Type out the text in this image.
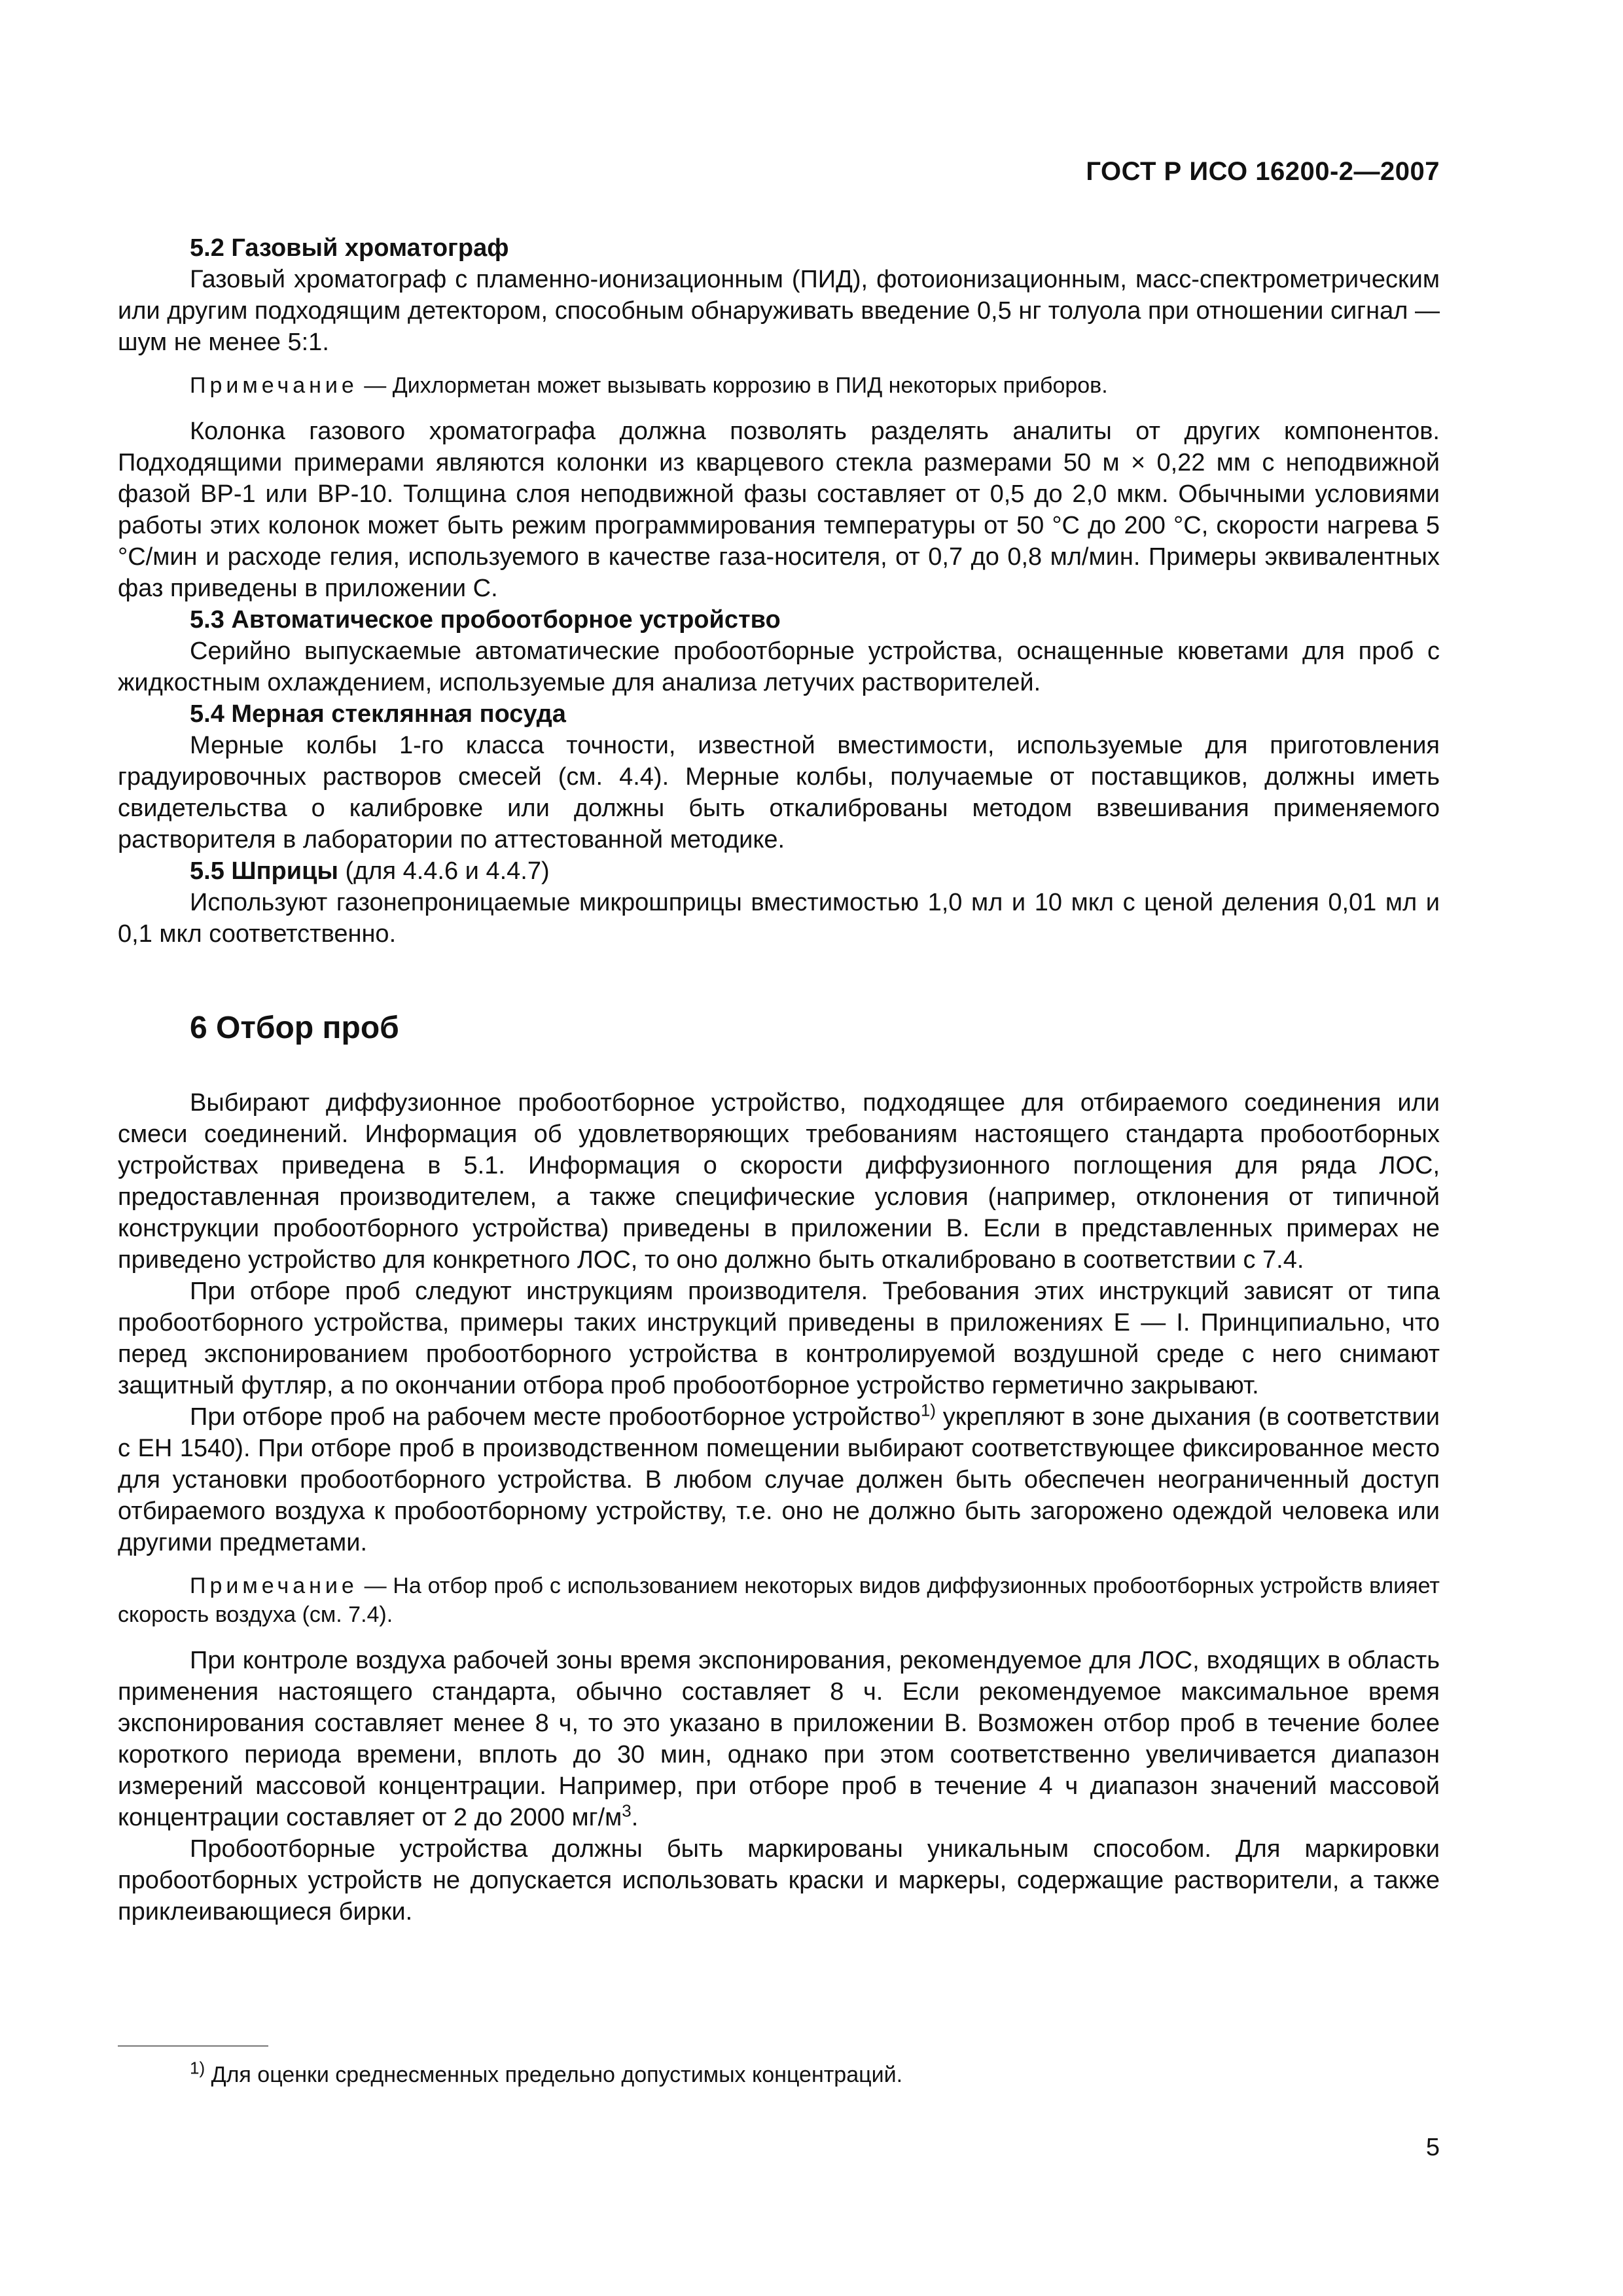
ГОСТ Р ИСО 16200-2—2007

5.2 Газовый хроматограф

Газовый хроматограф с пламенно-ионизационным (ПИД), фотоионизационным, масс-спектрометрическим или другим подходящим детектором, способным обнаруживать введение 0,5 нг толуола при отношении сигнал — шум не менее 5:1.

Примечание — Дихлорметан может вызывать коррозию в ПИД некоторых приборов.

Колонка газового хроматографа должна позволять разделять аналиты от других компонентов. Подходящими примерами являются колонки из кварцевого стекла размерами 50 м × 0,22 мм с неподвижной фазой BP-1 или BP-10. Толщина слоя неподвижной фазы составляет от 0,5 до 2,0 мкм. Обычными условиями работы этих колонок может быть режим программирования температуры от 50 °С до 200 °С, скорости нагрева 5 °С/мин и расходе гелия, используемого в качестве газа-носителя, от 0,7 до 0,8 мл/мин. Примеры эквивалентных фаз приведены в приложении С.

5.3 Автоматическое пробоотборное устройство

Серийно выпускаемые автоматические пробоотборные устройства, оснащенные кюветами для проб с жидкостным охлаждением, используемые для анализа летучих растворителей.

5.4 Мерная стеклянная посуда

Мерные колбы 1-го класса точности, известной вместимости, используемые для приготовления градуировочных растворов смесей (см. 4.4). Мерные колбы, получаемые от поставщиков, должны иметь свидетельства о калибровке или должны быть откалиброваны методом взвешивания применяемого растворителя в лаборатории по аттестованной методике.

5.5 Шприцы (для 4.4.6 и 4.4.7)

Используют газонепроницаемые микрошприцы вместимостью 1,0 мл и 10 мкл с ценой деления 0,01 мл и 0,1 мкл соответственно.

6 Отбор проб

Выбирают диффузионное пробоотборное устройство, подходящее для отбираемого соединения или смеси соединений. Информация об удовлетворяющих требованиям настоящего стандарта пробоотборных устройствах приведена в 5.1. Информация о скорости диффузионного поглощения для ряда ЛОС, предоставленная производителем, а также специфические условия (например, отклонения от типичной конструкции пробоотборного устройства) приведены в приложении В. Если в представленных примерах не приведено устройство для конкретного ЛОС, то оно должно быть откалибровано в соответствии с 7.4.

При отборе проб следуют инструкциям производителя. Требования этих инструкций зависят от типа пробоотборного устройства, примеры таких инструкций приведены в приложениях Е — I. Принципиально, что перед экспонированием пробоотборного устройства в контролируемой воздушной среде с него снимают защитный футляр, а по окончании отбора проб пробоотборное устройство герметично закрывают.

При отборе проб на рабочем месте пробоотборное устройство$^{1)}$ укрепляют в зоне дыхания (в соответствии с ЕН 1540). При отборе проб в производственном помещении выбирают соответствующее фиксированное место для установки пробоотборного устройства. В любом случае должен быть обеспечен неограниченный доступ отбираемого воздуха к пробоотборному устройству, т.е. оно не должно быть загорожено одеждой человека или другими предметами.

Примечание — На отбор проб с использованием некоторых видов диффузионных пробоотборных устройств влияет скорость воздуха (см. 7.4).

При контроле воздуха рабочей зоны время экспонирования, рекомендуемое для ЛОС, входящих в область применения настоящего стандарта, обычно составляет 8 ч. Если рекомендуемое максимальное время экспонирования составляет менее 8 ч, то это указано в приложении В. Возможен отбор проб в течение более короткого периода времени, вплоть до 30 мин, однако при этом соответственно увеличивается диапазон измерений массовой концентрации. Например, при отборе проб в течение 4 ч диапазон значений массовой концентрации составляет от 2 до 2000 $мг/м^3$.

Пробоотборные устройства должны быть маркированы уникальным способом. Для маркировки пробоотборных устройств не допускается использовать краски и маркеры, содержащие растворители, а также приклеивающиеся бирки.

$^{1)}$ Для оценки среднесменных предельно допустимых концентраций.
5
